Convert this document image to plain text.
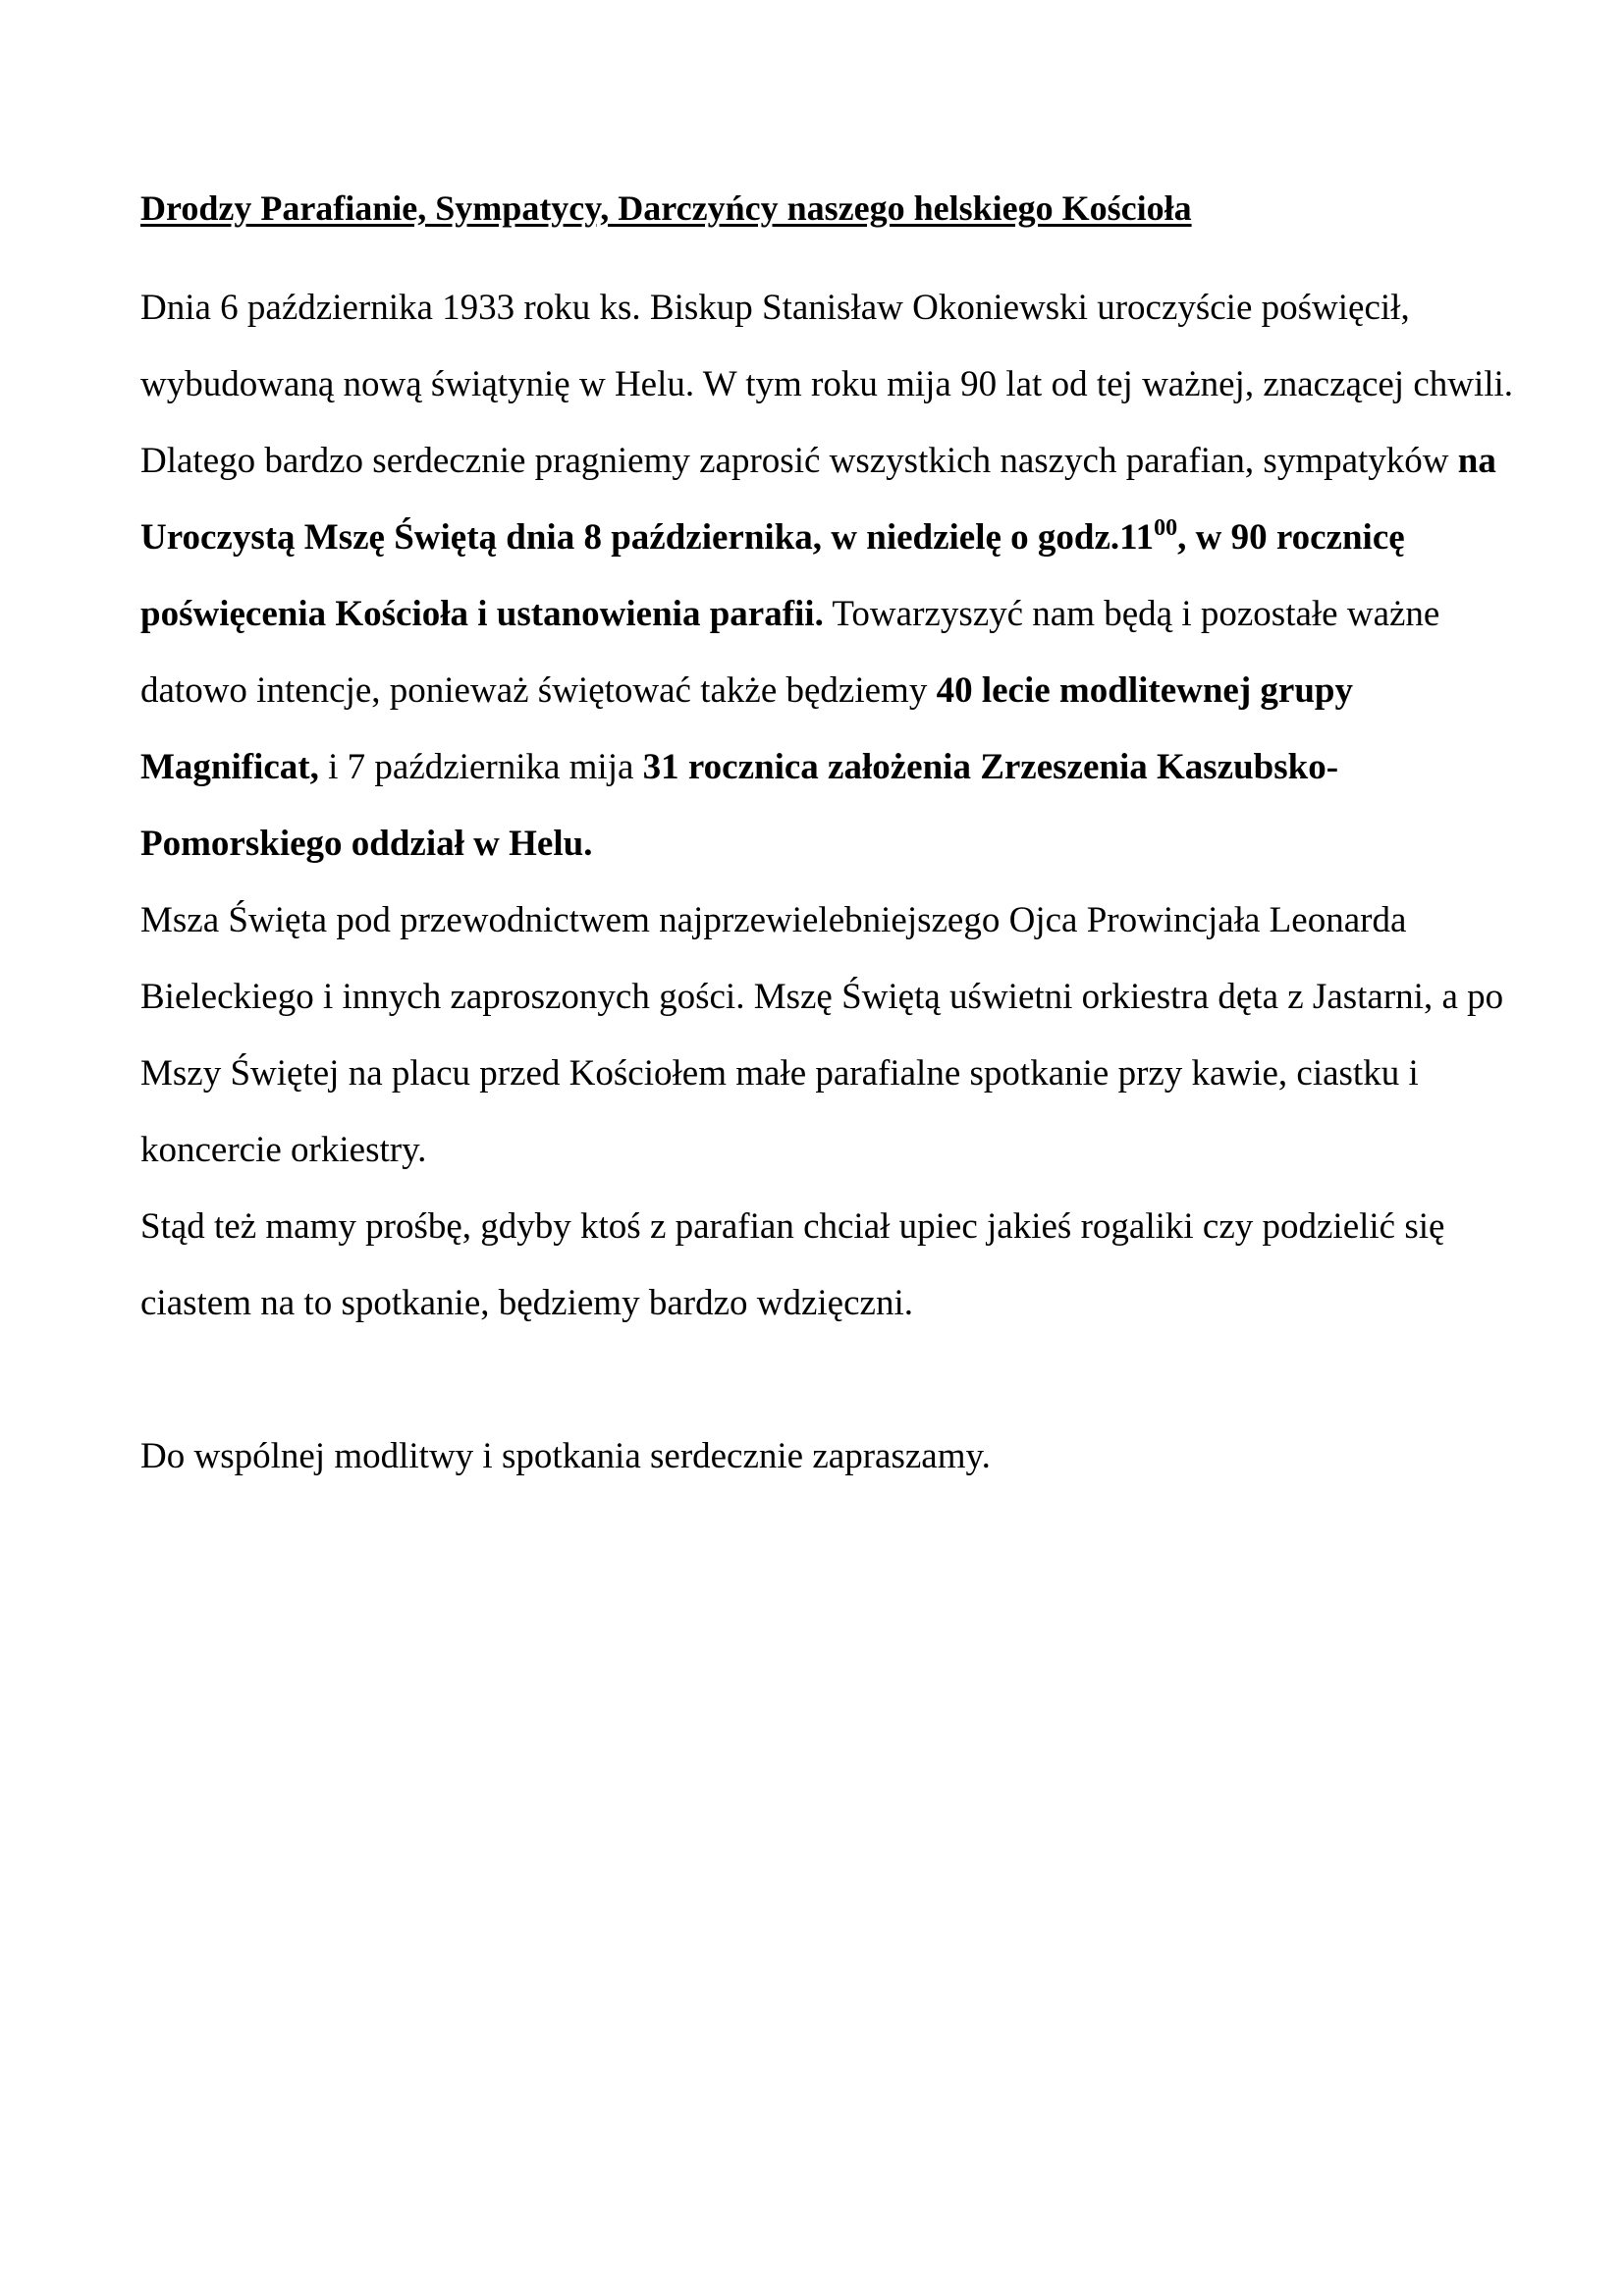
Drodzy Parafianie, Sympatycy, Darczyńcy naszego helskiego Kościoła

Dnia 6 października 1933 roku ks. Biskup Stanisław Okoniewski uroczyście poświęcił, wybudowaną nową świątynię w Helu. W tym roku mija 90 lat od tej ważnej, znaczącej chwili.

Dlatego bardzo serdecznie pragniemy zaprosić wszystkich naszych parafian, sympatyków na Uroczystą Mszę Świętą dnia 8 października, w niedzielę o $godz.11^{00}$, w 90 rocznicę poświęcenia Kościoła i ustanowienia parafii. Towarzyszyć nam będą i pozostałe ważne datowo intencje, ponieważ świętować także będziemy 40 lecie modlitewnej grupy Magnificat, i 7 października mija 31 rocznica założenia Zrzeszenia Kaszubsko-Pomorskiego oddział w Helu.

Msza Święta pod przewodnictwem najprzewielebniejszego Ojca Prowincjała Leonarda Bieleckiego i innych zaproszonych gości. Mszę Świętą uświetni orkiestra dęta z Jastarni, a po Mszy Świętej na placu przed Kościołem małe parafialne spotkanie przy kawie, ciastku i koncercie orkiestry.

Stąd też mamy prośbę, gdyby ktoś z parafian chciał upiec jakieś rogaliki czy podzielić się ciastem na to spotkanie, będziemy bardzo wdzięczni.

Do wspólnej modlitwy i spotkania serdecznie zapraszamy.
